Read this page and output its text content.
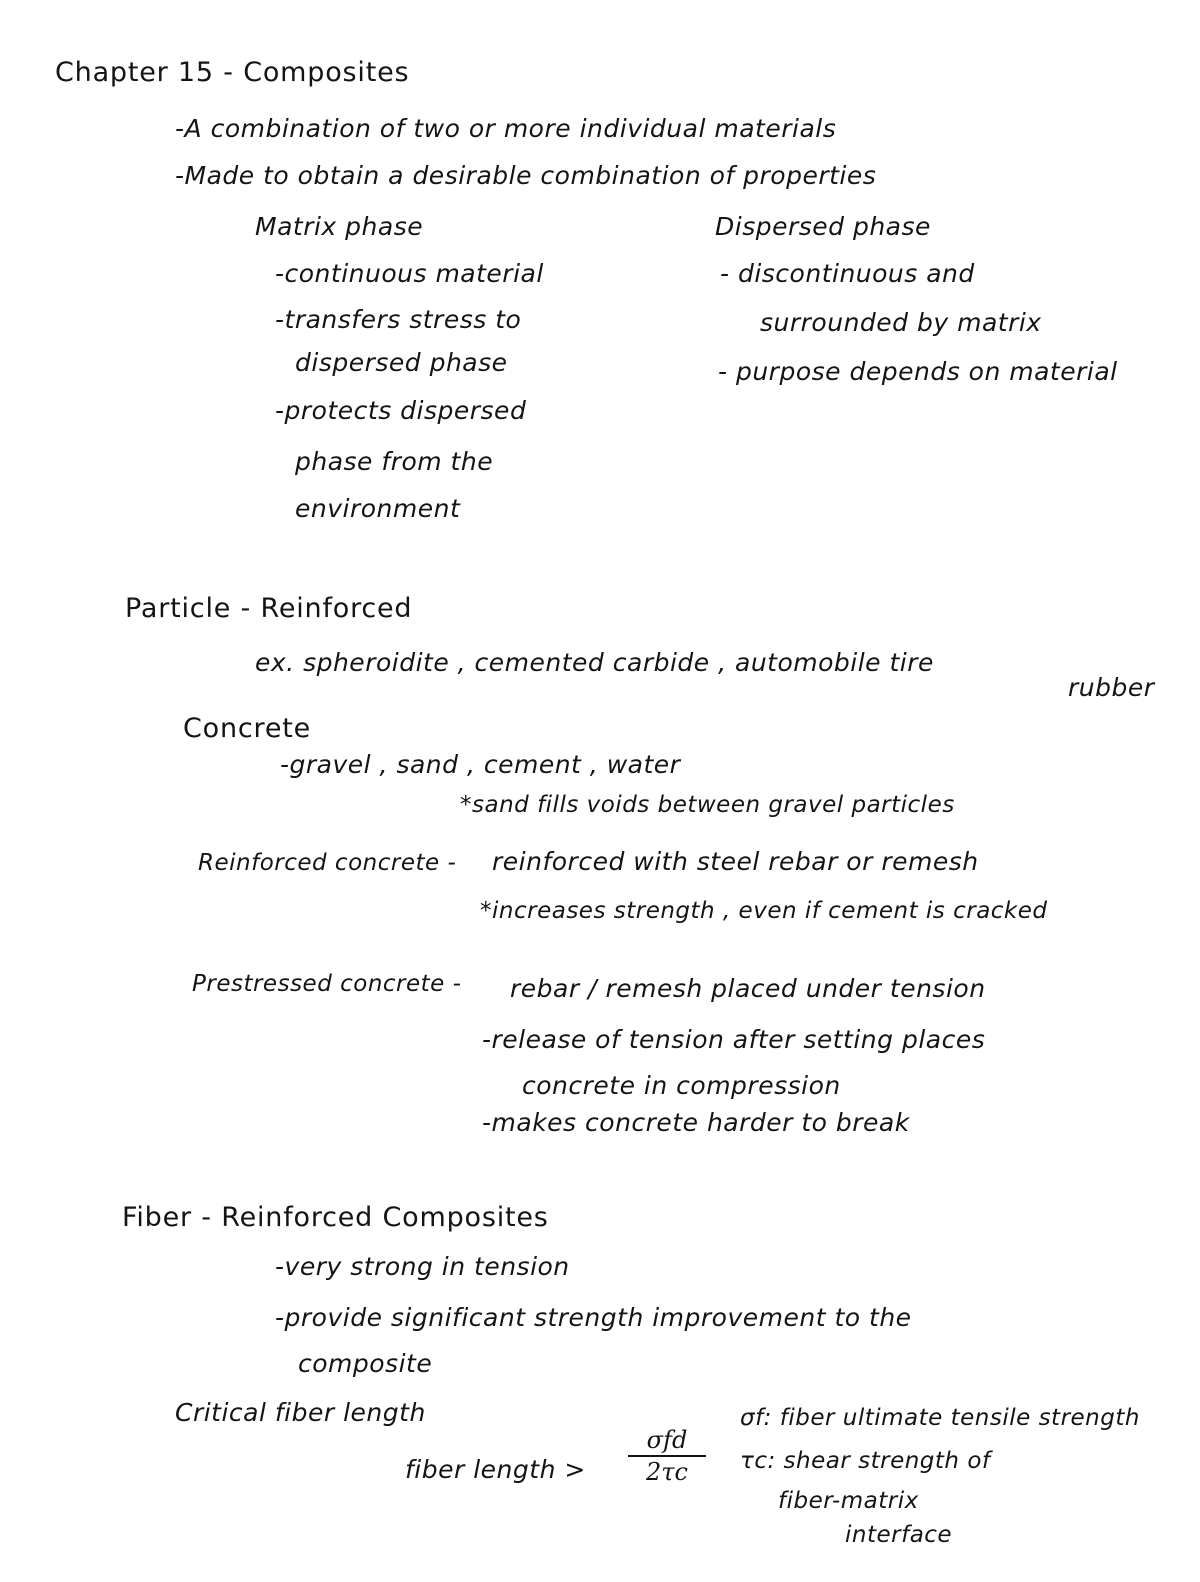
Chapter 15 - Composites
-A combination of two or more individual materials
-Made to obtain a desirable combination of properties
Matrix phase
-continuous material
-transfers stress to
dispersed phase
-protects dispersed
phase from the
environment
Dispersed phase
- discontinuous and
surrounded by matrix
- purpose depends on material
Particle - Reinforced
ex. spheroidite , cemented carbide , automobile tire
rubber
Concrete
-gravel , sand , cement , water
*sand fills voids between gravel particles
Reinforced concrete - reinforced with steel rebar or remesh
*increases strength , even if cement is cracked
Prestressed concrete - rebar / remesh placed under tension
-release of tension after setting places
concrete in compression
-makes concrete harder to break
Fiber - Reinforced Composites
-very strong in tension
-provide significant strength improvement to the
composite
Critical fiber length
fiber length >
σfd
2τc
σf: fiber ultimate tensile strength
τc: shear strength of
fiber-matrix
interface
